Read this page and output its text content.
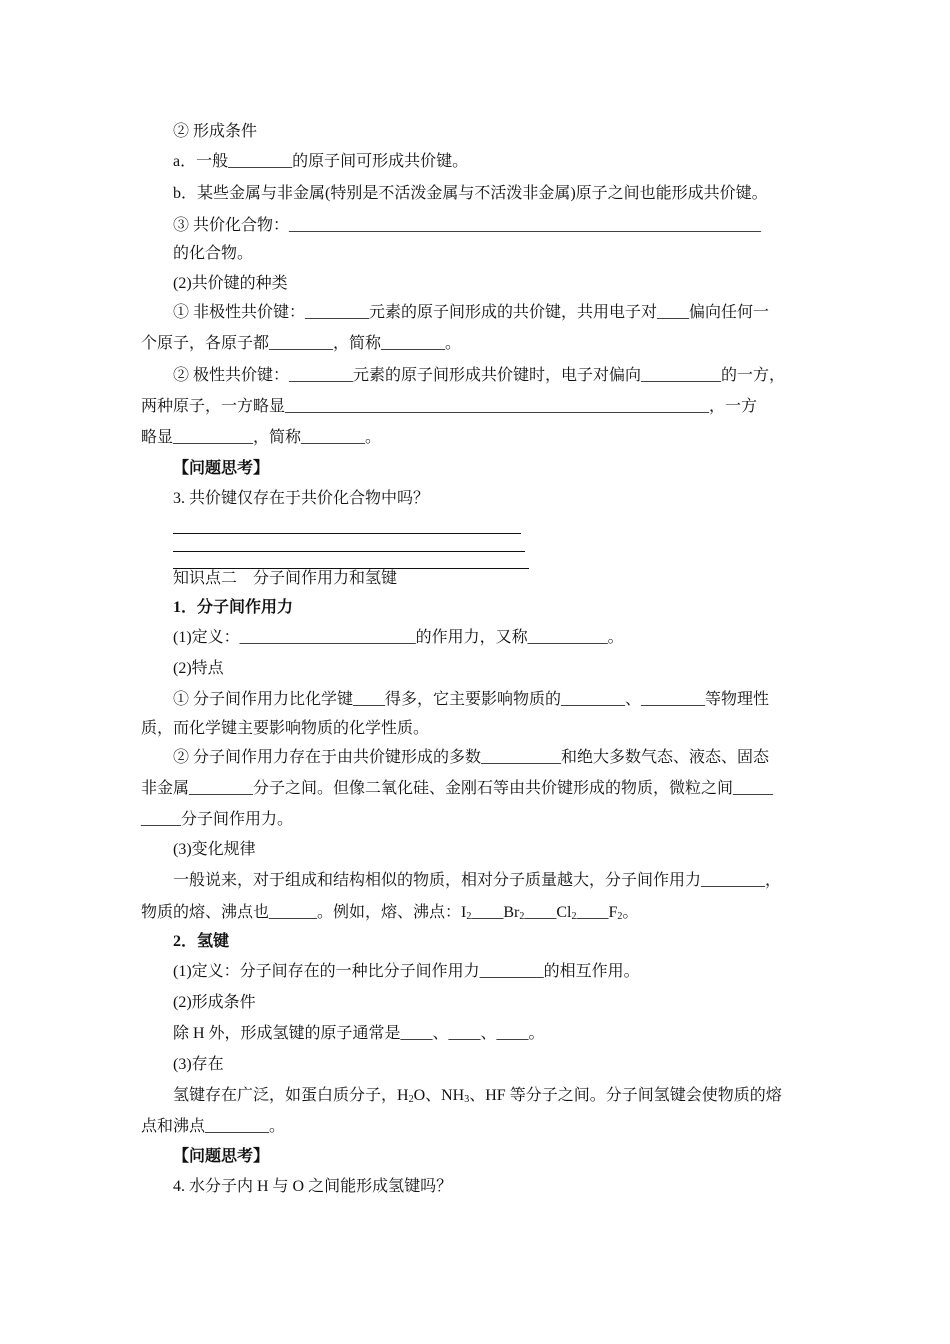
② 形成条件
a．一般________的原子间可形成共价键。
b．某些金属与非金属(特别是不活泼金属与不活泼非金属)原子之间也能形成共价键。
③ 共价化合物：___________________________________________________________
的化合物。
(2)共价键的种类
① 非极性共价键：________元素的原子间形成的共价键，共用电子对____偏向任何一
个原子，各原子都________，简称________。
② 极性共价键：________元素的原子间形成共价键时，电子对偏向__________的一方，
两种原子，一方略显_____________________________________________________，一方
略显__________，简称________。
【问题思考】
3. 共价键仅存在于共价化合物中吗？
知识点二　分子间作用力和氢键
1．分子间作用力
(1)定义：______________________的作用力，又称__________。
(2)特点
① 分子间作用力比化学键____得多，它主要影响物质的________、________等物理性
质，而化学键主要影响物质的化学性质。
② 分子间作用力存在于由共价键形成的多数__________和绝大多数气态、液态、固态
非金属________分子之间。但像二氧化硅、金刚石等由共价键形成的物质，微粒之间_____
_____分子间作用力。
(3)变化规律
一般说来，对于组成和结构相似的物质，相对分子质量越大，分子间作用力________，
物质的熔、沸点也______。例如，熔、沸点：$I_2\_\_\_\_Br_2\_\_\_\_Cl_2\_\_\_\_F_2$。
2．氢键
(1)定义：分子间存在的一种比分子间作用力________的相互作用。
(2)形成条件
除 H 外，形成氢键的原子通常是____、____、____。
(3)存在
氢键存在广泛，如蛋白质分子，$H_2O$、$NH_3$、HF 等分子之间。分子间氢键会使物质的熔
点和沸点________。
【问题思考】
4. 水分子内 H 与 O 之间能形成氢键吗？
